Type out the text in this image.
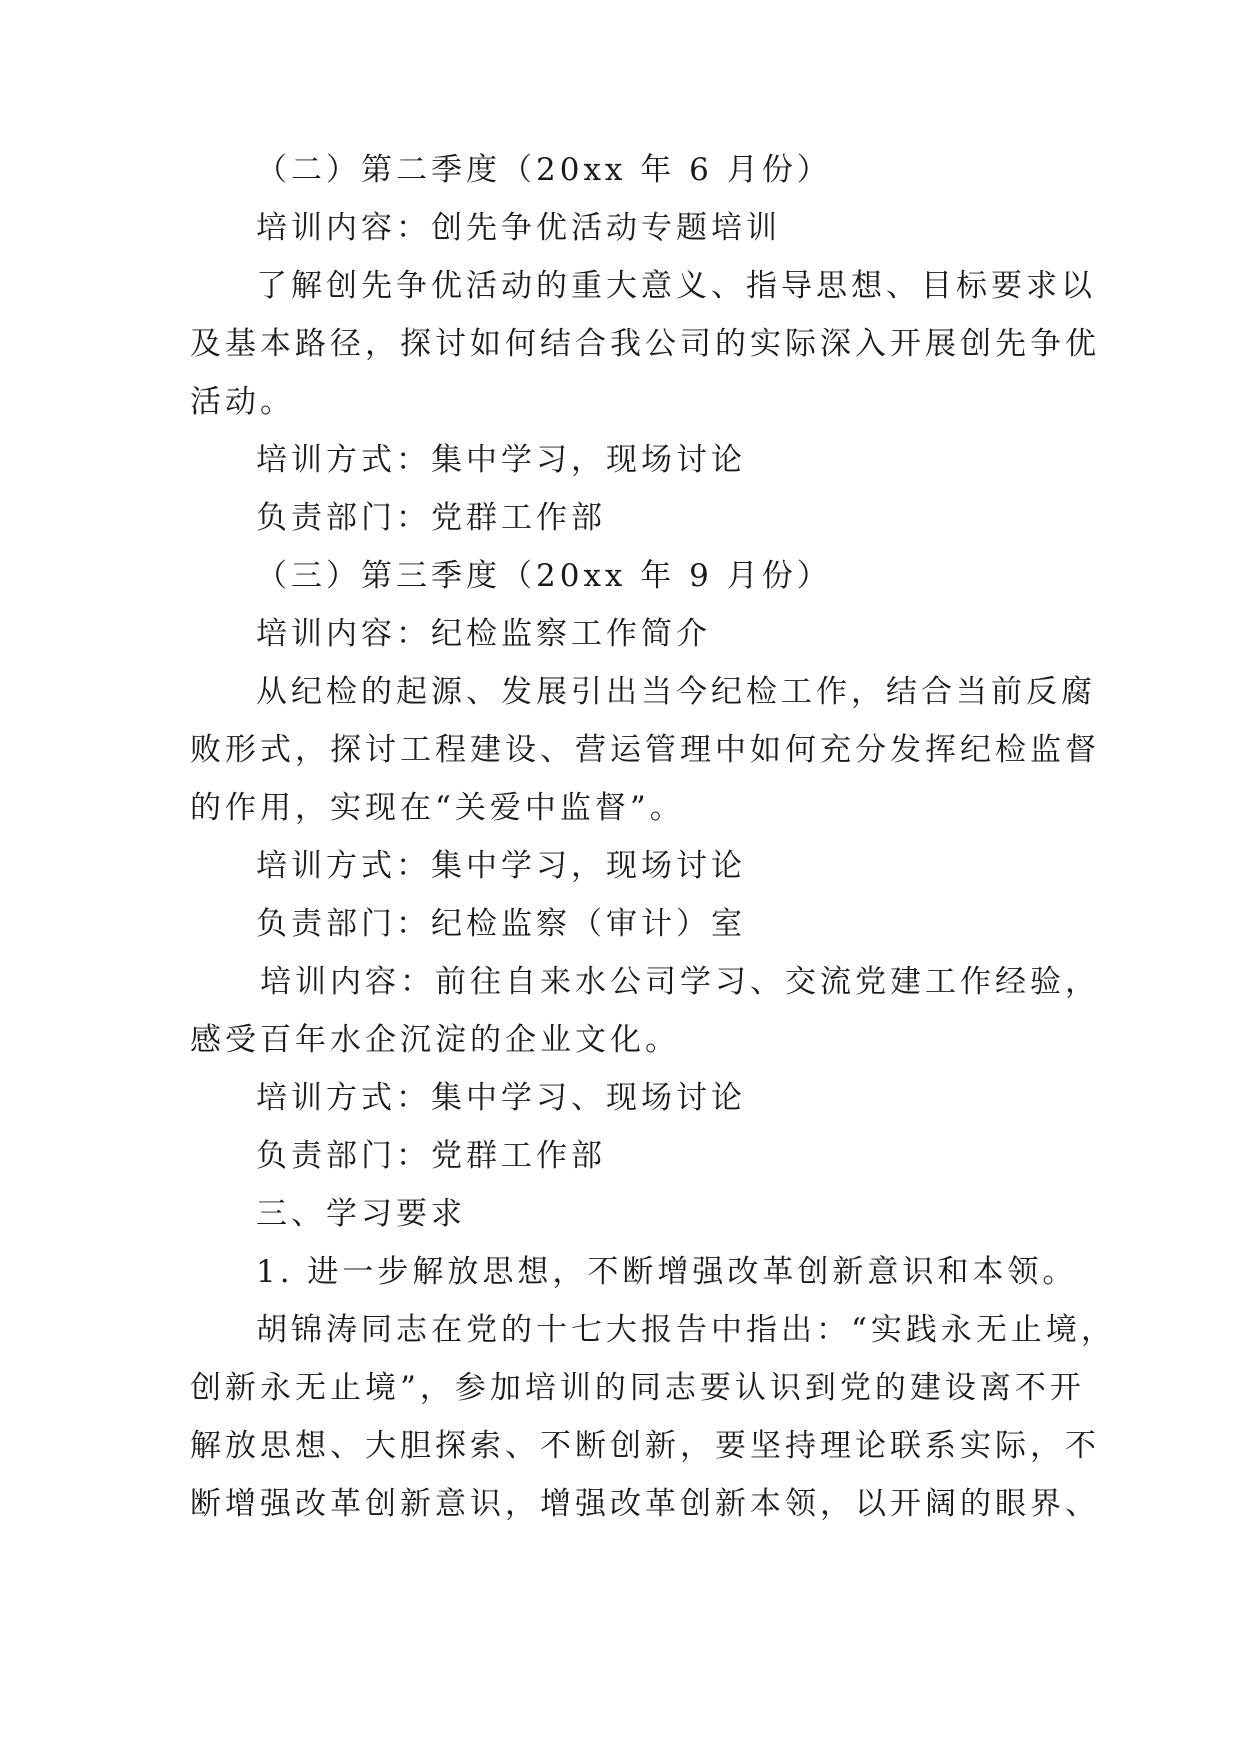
（二）第二季度（20xx 年 6 月份）
培训内容：创先争优活动专题培训
了解创先争优活动的重大意义、指导思想、目标要求以
及基本路径，探讨如何结合我公司的实际深入开展创先争优
活动。
培训方式：集中学习，现场讨论
负责部门：党群工作部
（三）第三季度（20xx 年 9 月份）
培训内容：纪检监察工作简介
从纪检的起源、发展引出当今纪检工作，结合当前反腐
败形式，探讨工程建设、营运管理中如何充分发挥纪检监督
的作用，实现在“关爱中监督”。
培训方式：集中学习，现场讨论
负责部门：纪检监察（审计）室
培训内容：前往自来水公司学习、交流党建工作经验，
感受百年水企沉淀的企业文化。
培训方式：集中学习、现场讨论
负责部门：党群工作部
三、学习要求
1. 进一步解放思想，不断增强改革创新意识和本领。
胡锦涛同志在党的十七大报告中指出：“实践永无止境，
创新永无止境”，参加培训的同志要认识到党的建设离不开
解放思想、大胆探索、不断创新，要坚持理论联系实际，不
断增强改革创新意识，增强改革创新本领，以开阔的眼界、
